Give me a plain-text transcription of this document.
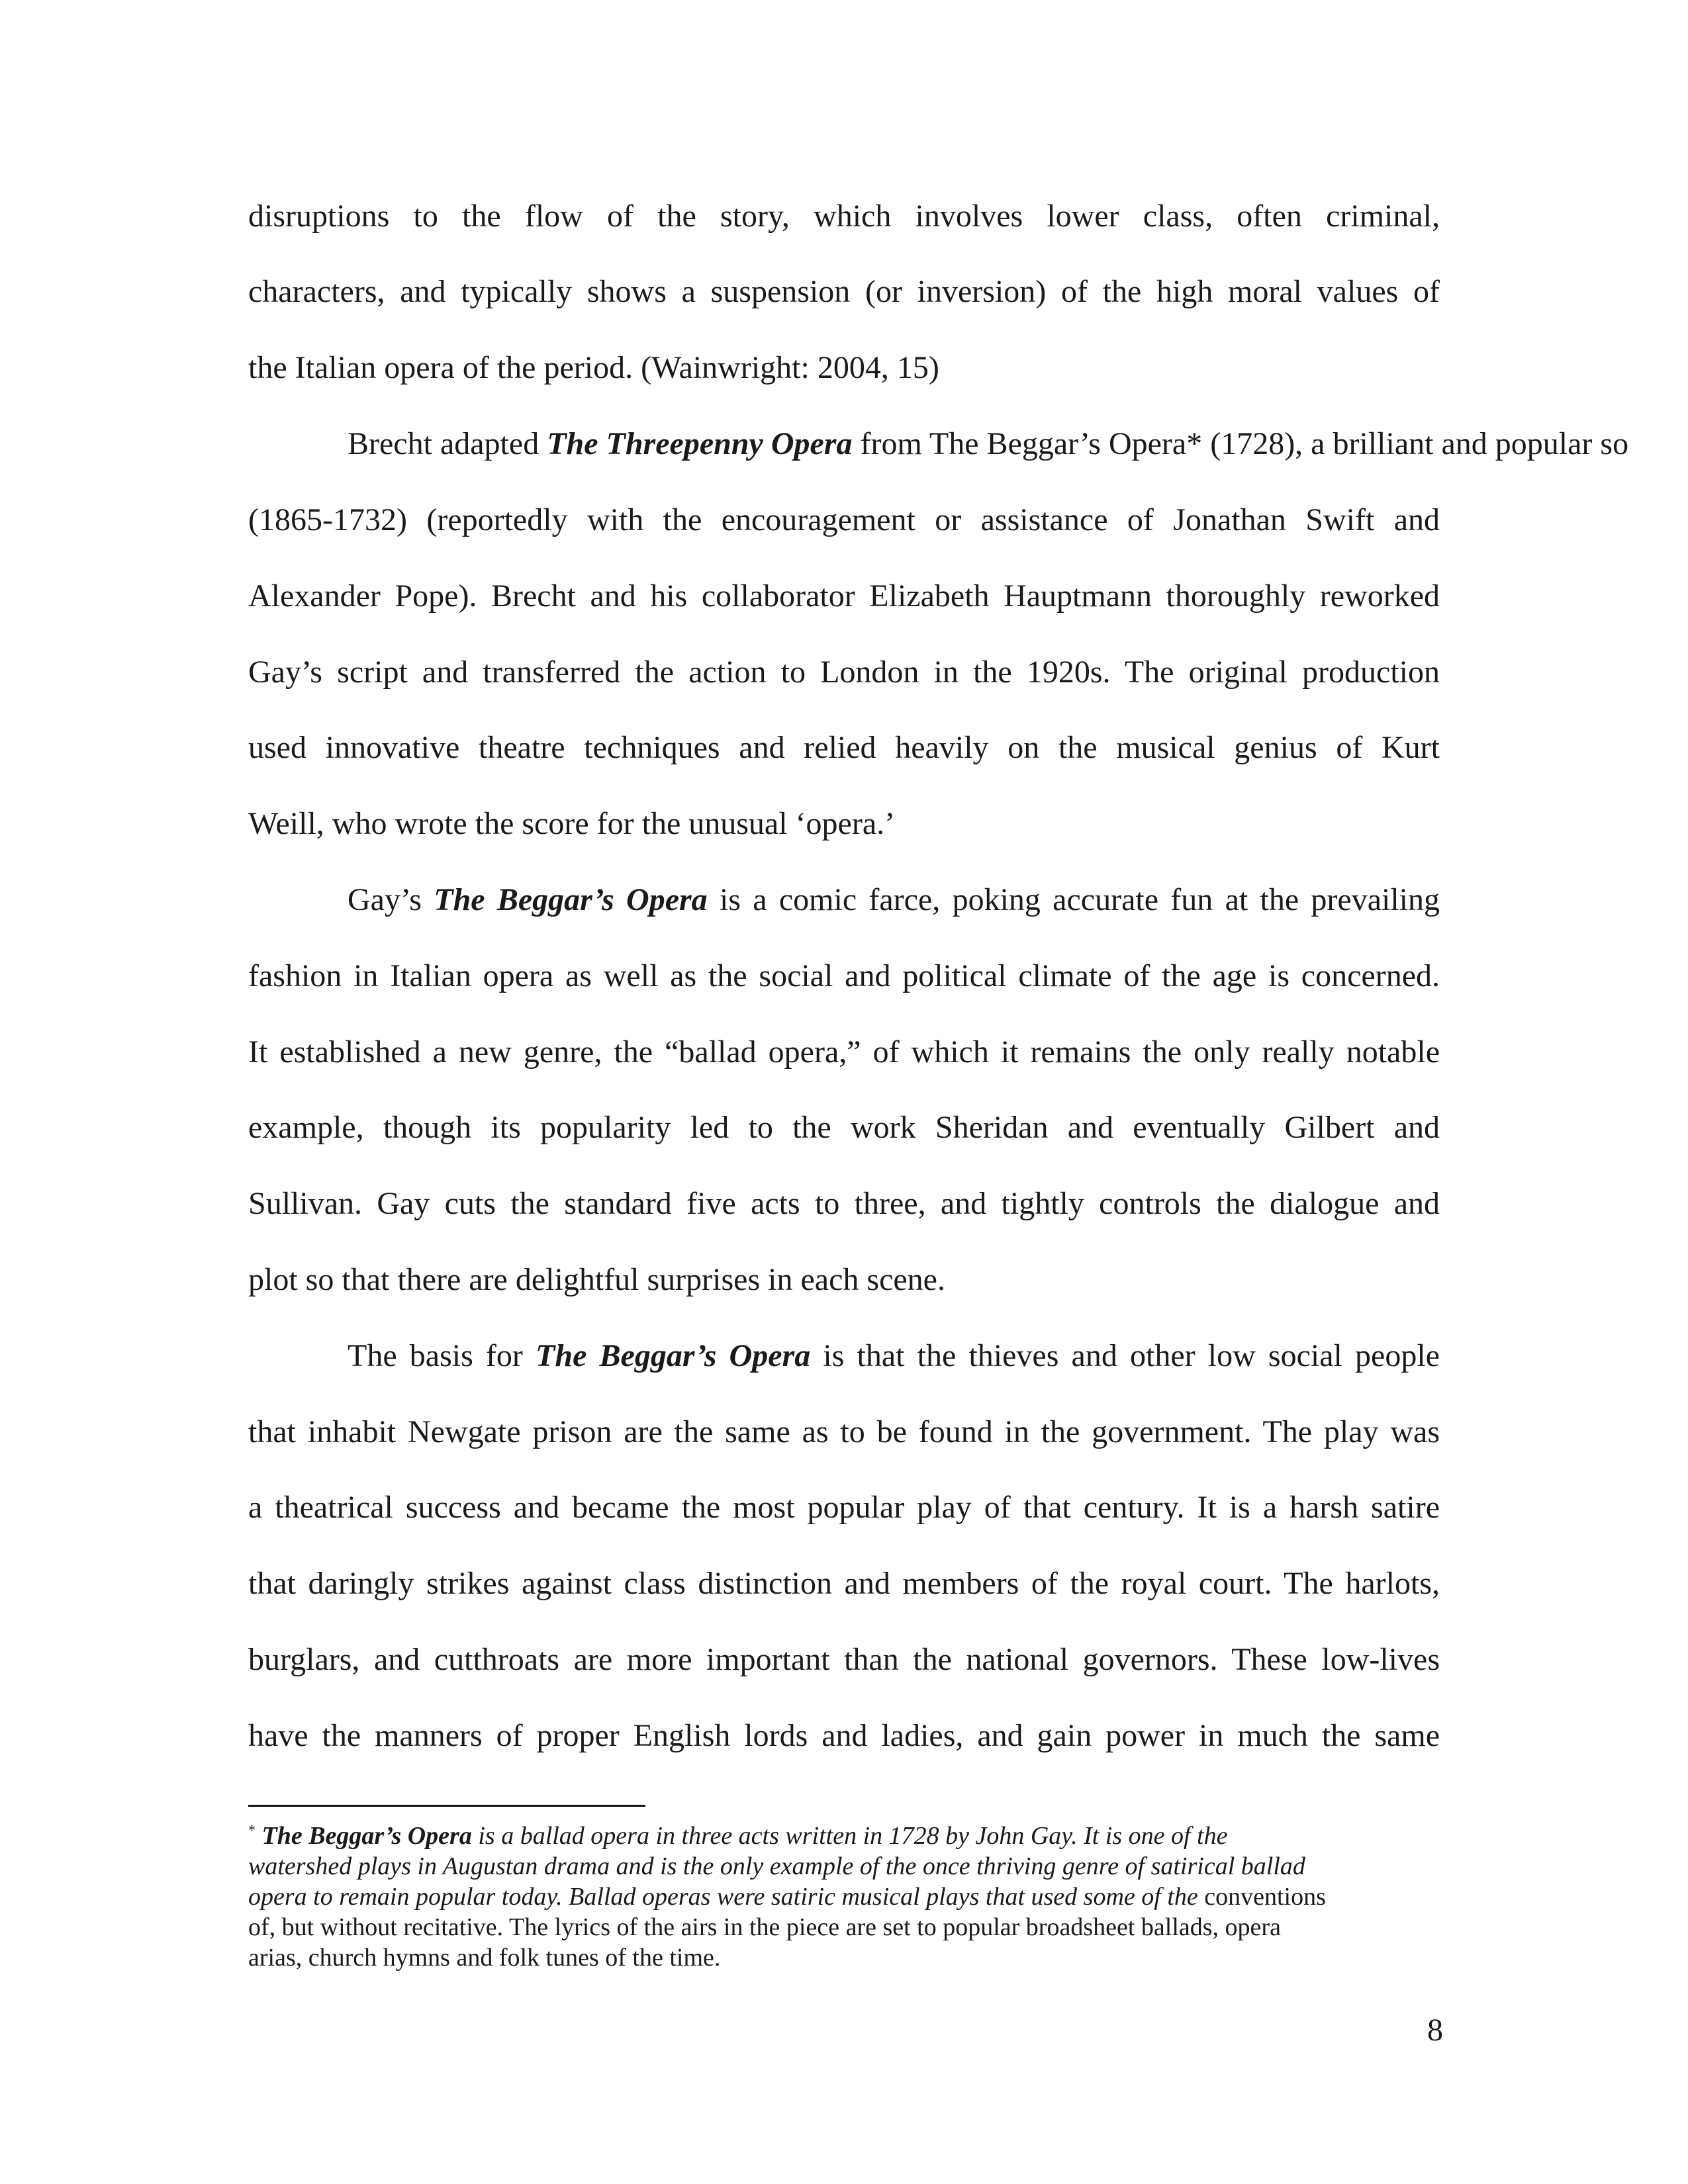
disruptions to the flow of the story, which involves lower class, often criminal,
characters, and typically shows a suspension (or inversion) of the high moral values of
the Italian opera of the period. (Wainwright: 2004, 15)
Brecht adapted The Threepenny Opera from The Beggar’s Opera* (1728), a brilliant and popular so
(1865-1732) (reportedly with the encouragement or assistance of Jonathan Swift and
Alexander Pope). Brecht and his collaborator Elizabeth Hauptmann thoroughly reworked
Gay’s script and transferred the action to London in the 1920s. The original production
used innovative theatre techniques and relied heavily on the musical genius of Kurt
Weill, who wrote the score for the unusual ‘opera.’
Gay’s The Beggar’s Opera is a comic farce, poking accurate fun at the prevailing
fashion in Italian opera as well as the social and political climate of the age is concerned.
It established a new genre, the “ballad opera,” of which it remains the only really notable
example, though its popularity led to the work Sheridan and eventually Gilbert and
Sullivan. Gay cuts the standard five acts to three, and tightly controls the dialogue and
plot so that there are delightful surprises in each scene.
The basis for The Beggar’s Opera is that the thieves and other low social people
that inhabit Newgate prison are the same as to be found in the government. The play was
a theatrical success and became the most popular play of that century. It is a harsh satire
that daringly strikes against class distinction and members of the royal court. The harlots,
burglars, and cutthroats are more important than the national governors. These low-lives
have the manners of proper English lords and ladies, and gain power in much the same
* The Beggar’s Opera is a ballad opera in three acts written in 1728 by John Gay. It is one of the
watershed plays in Augustan drama and is the only example of the once thriving genre of satirical ballad
opera to remain popular today. Ballad operas were satiric musical plays that used some of the conventions
of, but without recitative. The lyrics of the airs in the piece are set to popular broadsheet ballads, opera
arias, church hymns and folk tunes of the time.
8
